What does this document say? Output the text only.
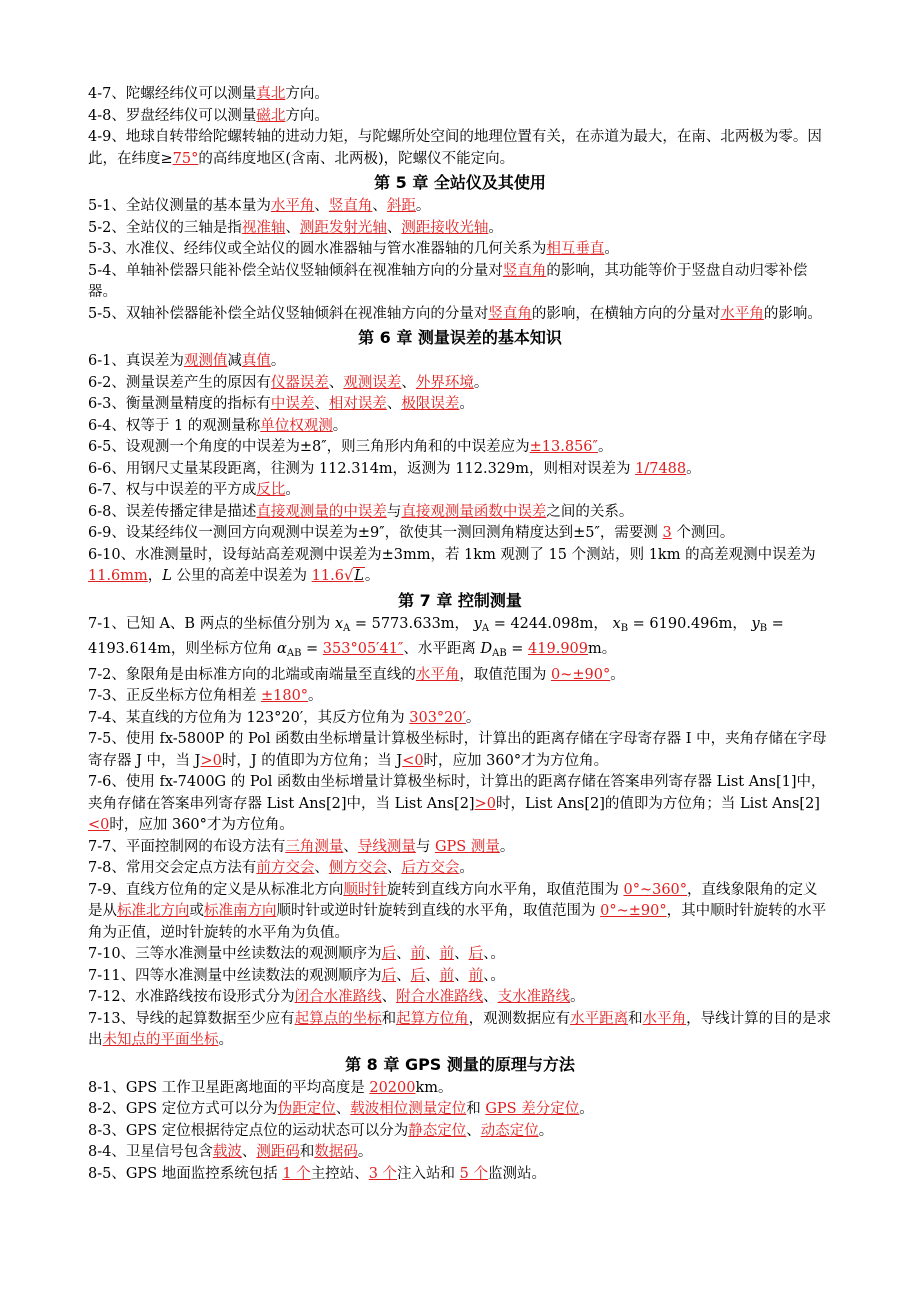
4-7、陀螺经纬仪可以测量真北方向。

4-8、罗盘经纬仪可以测量磁北方向。

4-9、地球自转带给陀螺转轴的进动力矩，与陀螺所处空间的地理位置有关，在赤道为最大，在南、北两极为零。因此，在纬度≥75°的高纬度地区(含南、北两极)，陀螺仪不能定向。

第 5 章 全站仪及其使用

5-1、全站仪测量的基本量为水平角、竖直角、斜距。

5-2、全站仪的三轴是指视准轴、测距发射光轴、测距接收光轴。

5-3、水准仪、经纬仪或全站仪的圆水准器轴与管水准器轴的几何关系为相互垂直。

5-4、单轴补偿器只能补偿全站仪竖轴倾斜在视准轴方向的分量对竖直角的影响，其功能等价于竖盘自动归零补偿器。

5-5、双轴补偿器能补偿全站仪竖轴倾斜在视准轴方向的分量对竖直角的影响，在横轴方向的分量对水平角的影响。

第 6 章 测量误差的基本知识

6-1、真误差为观测值减真值。

6-2、测量误差产生的原因有仪器误差、观测误差、外界环境。

6-3、衡量测量精度的指标有中误差、相对误差、极限误差。

6-4、权等于 1 的观测量称单位权观测。

6-5、设观测一个角度的中误差为±8″，则三角形内角和的中误差应为±13.856″。

6-6、用钢尺丈量某段距离，往测为 112.314m，返测为 112.329m，则相对误差为 1/7488。

6-7、权与中误差的平方成反比。

6-8、误差传播定律是描述直接观测量的中误差与直接观测量函数中误差之间的关系。

6-9、设某经纬仪一测回方向观测中误差为±9″，欲使其一测回测角精度达到±5″，需要测 3 个测回。

6-10、水准测量时，设每站高差观测中误差为±3mm，若 1km 观测了 15 个测站，则 1km 的高差观测中误差为 11.6mm，L 公里的高差中误差为 11.6√L。

第 7 章 控制测量

7-1、已知 A、B 两点的坐标值分别为 $x_A = 5773.633m$， $y_A = 4244.098m$， $x_B = 6190.496m$， $y_B = 4193.614m$，则坐标方位角 $\alpha_{AB} = 353^\circ 05'41''$、水平距离 $D_{AB} = 419.909m$。

7-2、象限角是由标准方向的北端或南端量至直线的水平角，取值范围为 0~±90°。

7-3、正反坐标方位角相差 ±180°。

7-4、某直线的方位角为 123°20′，其反方位角为 303°20′。

7-5、使用 fx-5800P 的 Pol 函数由坐标增量计算极坐标时，计算出的距离存储在字母寄存器 I 中，夹角存储在字母寄存器 J 中，当 J>0时，J 的值即为方位角；当 J<0时，应加 360°才为方位角。

7-6、使用 fx-7400G 的 Pol 函数由坐标增量计算极坐标时，计算出的距离存储在答案串列寄存器 List Ans[1]中，夹角存储在答案串列寄存器 List Ans[2]中，当 List Ans[2]>0时，List Ans[2]的值即为方位角；当 List Ans[2]<0时，应加 360°才为方位角。

7-7、平面控制网的布设方法有三角测量、导线测量与 GPS 测量。

7-8、常用交会定点方法有前方交会、侧方交会、后方交会。

7-9、直线方位角的定义是从标准北方向顺时针旋转到直线方向水平角，取值范围为 0°~360°，直线象限角的定义是从标准北方向或标准南方向顺时针或逆时针旋转到直线的水平角，取值范围为 0°~±90°，其中顺时针旋转的水平角为正值，逆时针旋转的水平角为负值。

7-10、三等水准测量中丝读数法的观测顺序为后、前、前、后、。

7-11、四等水准测量中丝读数法的观测顺序为后、后、前、前、。

7-12、水准路线按布设形式分为闭合水准路线、附合水准路线、支水准路线。

7-13、导线的起算数据至少应有起算点的坐标和起算方位角，观测数据应有水平距离和水平角，导线计算的目的是求出未知点的平面坐标。

第 8 章 GPS 测量的原理与方法

8-1、GPS 工作卫星距离地面的平均高度是 20200km。

8-2、GPS 定位方式可以分为伪距定位、载波相位测量定位和 GPS 差分定位。

8-3、GPS 定位根据待定点位的运动状态可以分为静态定位、动态定位。

8-4、卫星信号包含载波、测距码和数据码。

8-5、GPS 地面监控系统包括 1 个主控站、3 个注入站和 5 个监测站。
